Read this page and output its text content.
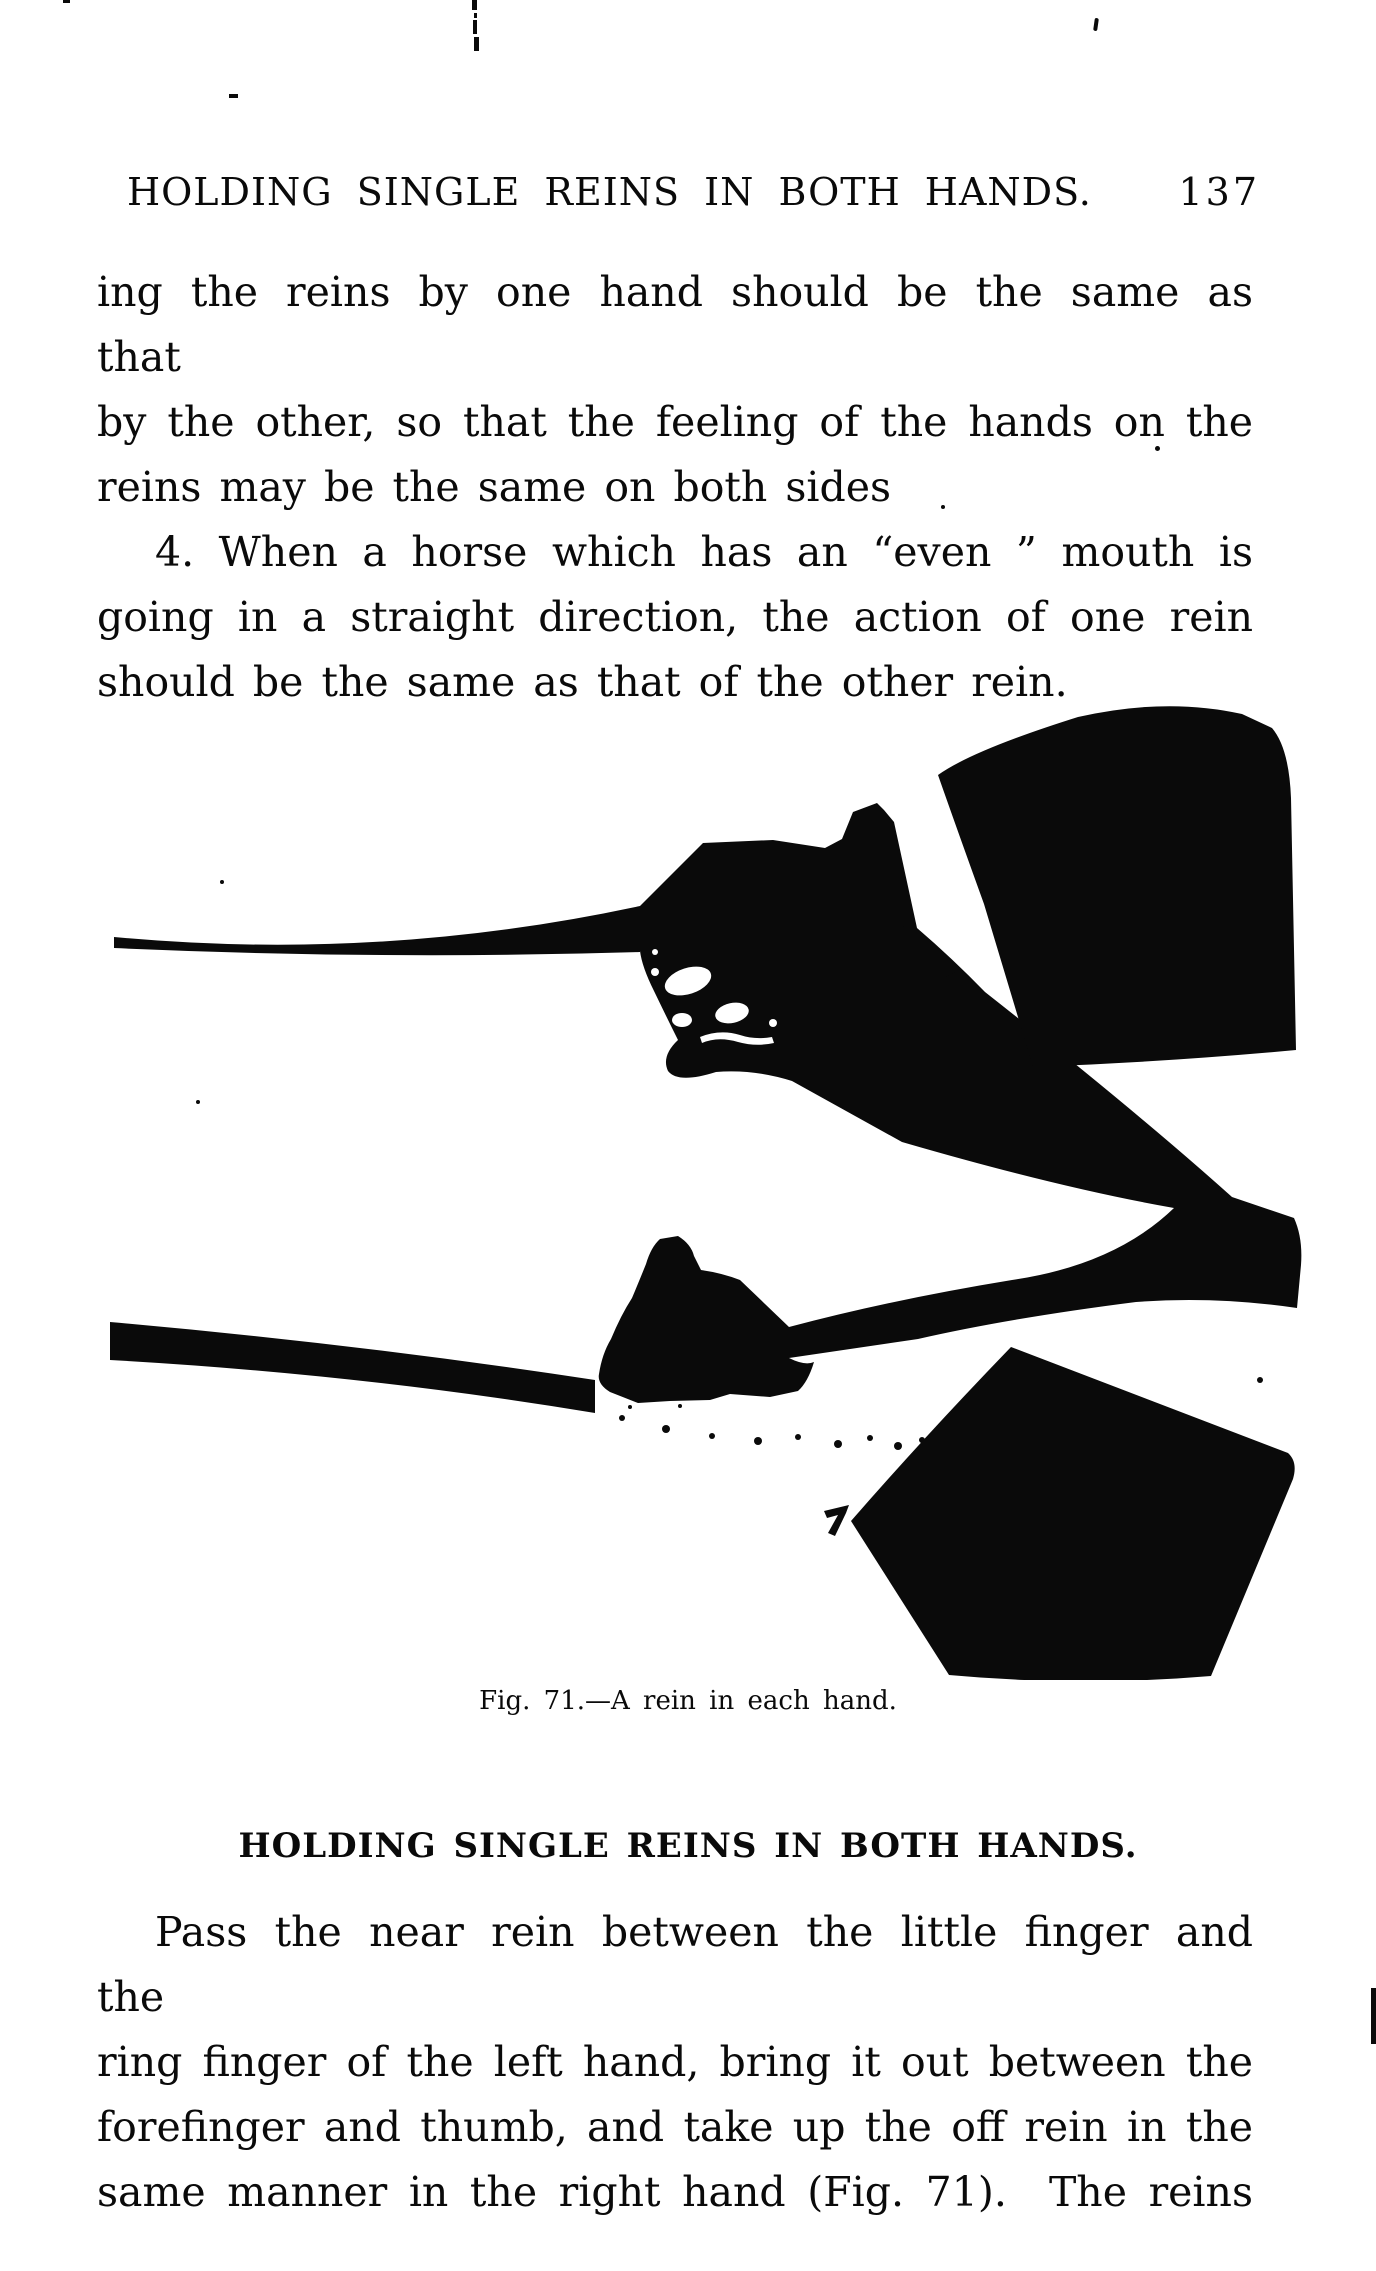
HOLDING SINGLE REINS IN BOTH HANDS. 137
ing the reins by one hand should be the same as that
by the other, so that the feeling of the hands on the
reins may be the same on both sides
4. When a horse which has an “even ” mouth is
going in a straight direction, the action of one rein
should be the same as that of the other rein.
Fig. 71.—A rein in each hand.
HOLDING SINGLE REINS IN BOTH HANDS.
Pass the near rein between the little finger and the
ring finger of the left hand, bring it out between the
forefinger and thumb, and take up the off rein in the
same manner in the right hand (Fig. 71).  The reins
